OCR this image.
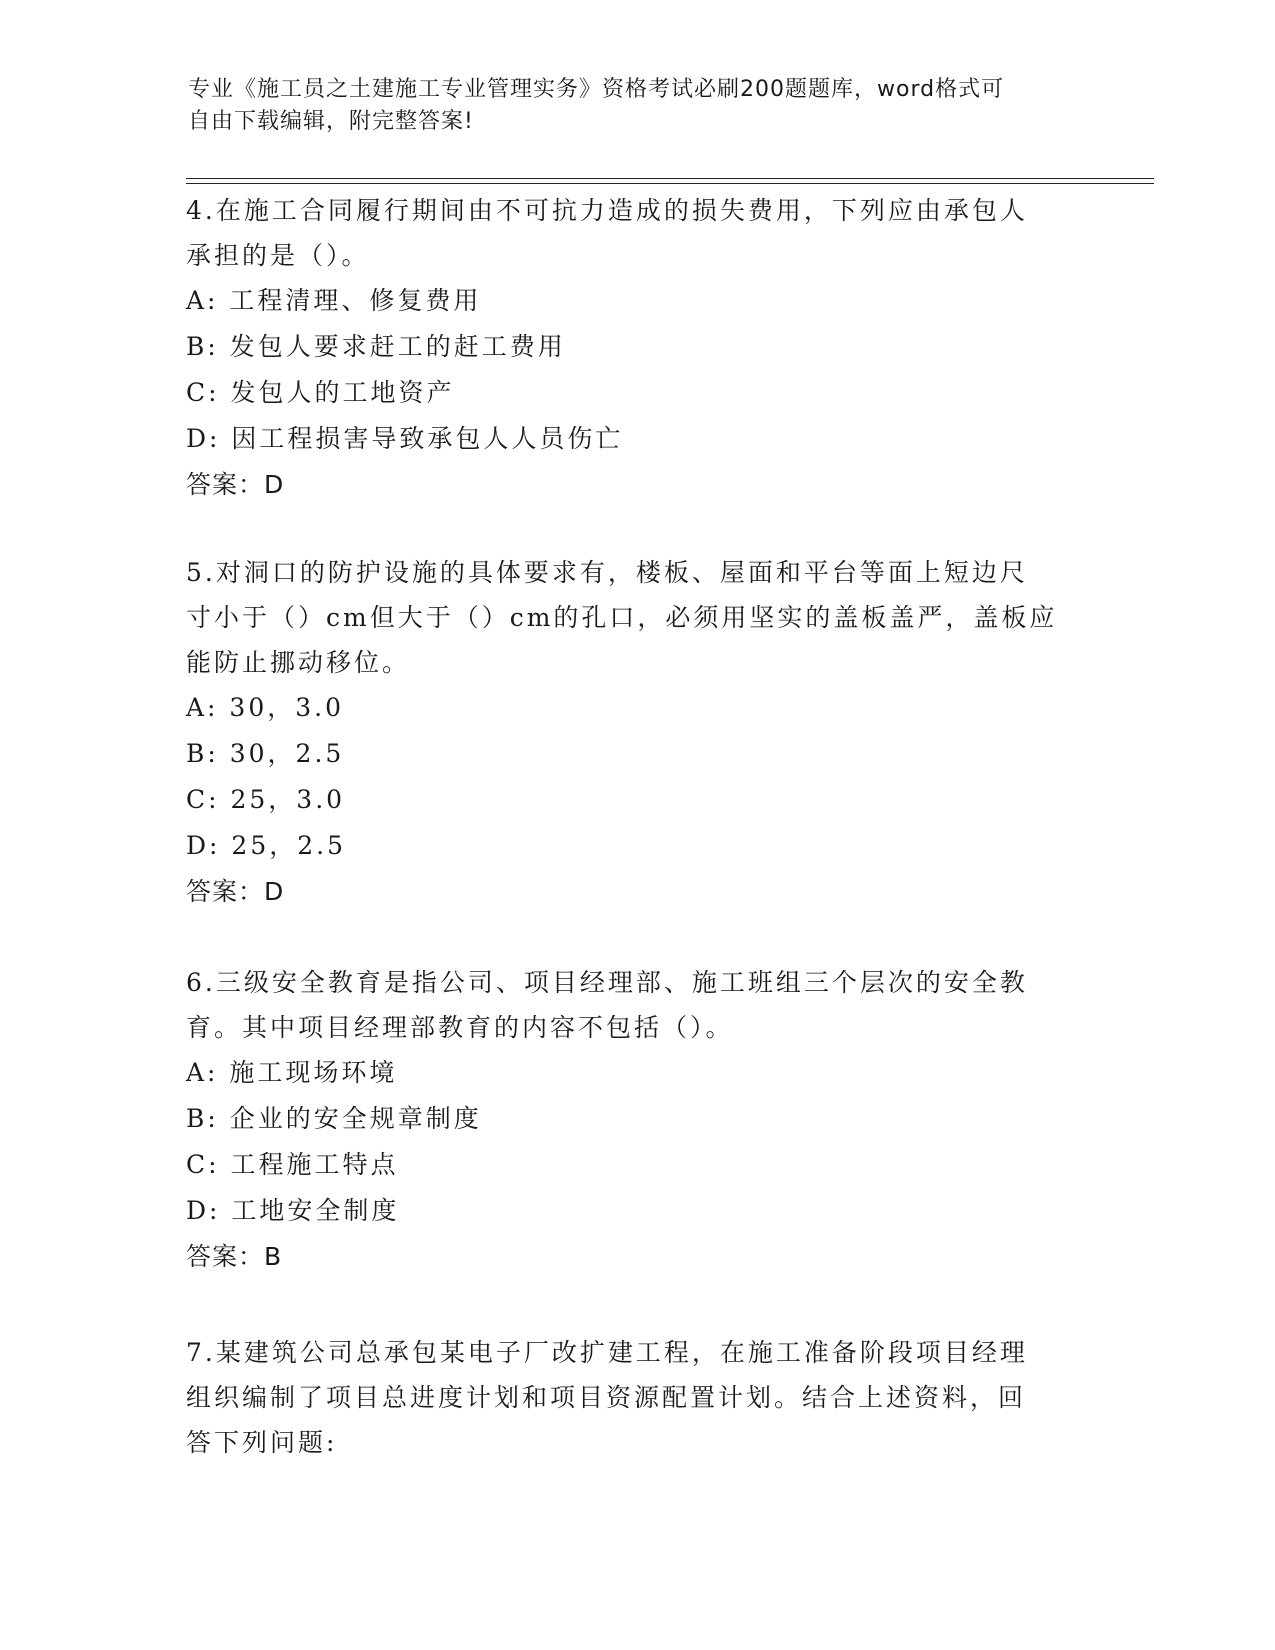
专业《施工员之土建施工专业管理实务》资格考试必刷200题题库，word格式可
自由下载编辑，附完整答案!
4.在施工合同履行期间由不可抗力造成的损失费用，下列应由承包人
承担的是（）。
A: 工程清理、修复费用
B: 发包人要求赶工的赶工费用
C: 发包人的工地资产
D: 因工程损害导致承包人人员伤亡
答案：D
5.对洞口的防护设施的具体要求有，楼板、屋面和平台等面上短边尺
寸小于（）cm但大于（）cm的孔口，必须用坚实的盖板盖严，盖板应
能防止挪动移位。
A: 30，3.0
B: 30，2.5
C: 25，3.0
D: 25，2.5
答案：D
6.三级安全教育是指公司、项目经理部、施工班组三个层次的安全教
育。其中项目经理部教育的内容不包括（）。
A: 施工现场环境
B: 企业的安全规章制度
C: 工程施工特点
D: 工地安全制度
答案：B
7.某建筑公司总承包某电子厂改扩建工程，在施工准备阶段项目经理
组织编制了项目总进度计划和项目资源配置计划。结合上述资料，回
答下列问题:
